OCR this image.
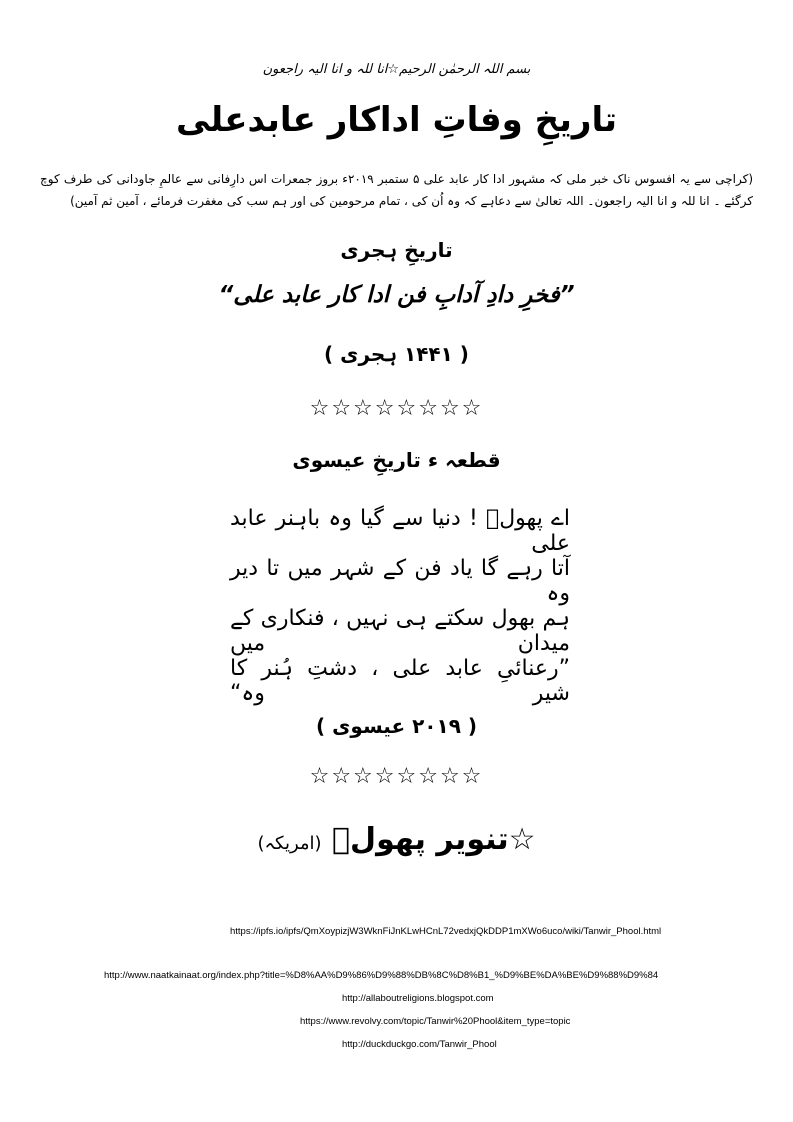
بسم اللہ الرحمٰن الرحیم☆انا للہ و انا الیہ راجعون
تاریخِ وفاتِ اداکار عابدعلی
(کراچی سے یہ افسوس ناک خبر ملی کہ مشہور ادا کار عابد علی ۵ ستمبر ۲۰۱۹ء بروز جمعرات اس دارِفانی سے عالمِ جاودانی کی طرف کوچ کرگئے ۔ انا للہ و انا الیہ راجعون۔ اللہ تعالیٰ سے دعاہے کہ وہ اُن کی ، تمام مرحومین کی اور ہم سب کی مغفرت فرمائے ، آمین ثم آمین)
تاریخِ ہجری
”فخرِ دادِ آدابِ فن ادا کار عابد علی“
( ۱۴۴۱ ہجری )
☆☆☆☆☆☆☆☆
قطعہ ء تاریخِ عیسوی
اے پھولؔ ! دنیا سے گیا وہ باہنر عابد علی
آتا رہے گا یاد فن کے شہر میں تا دیر وہ
ہم بھول سکتے ہی نہیں ، فنکاری کے میدان میں
”رعنائیِ عابد علی ، دشتِ ہُنر کا شیر وہ“
( ۲۰۱۹ عیسوی )
☆☆☆☆☆☆☆☆
☆تنویر پھولؔ (امریکہ)
https://ipfs.io/ipfs/QmXoypizjW3WknFiJnKLwHCnL72vedxjQkDDP1mXWo6uco/wiki/Tanwir_Phool.html
http://www.naatkainaat.org/index.php?title=%D8%AA%D9%86%D9%88%DB%8C%D8%B1_%D9%BE%DA%BE%D9%88%D9%84
http://allaboutreligions.blogspot.com
https://www.revolvy.com/topic/Tanwir%20Phool&item_type=topic
http://duckduckgo.com/Tanwir_Phool
